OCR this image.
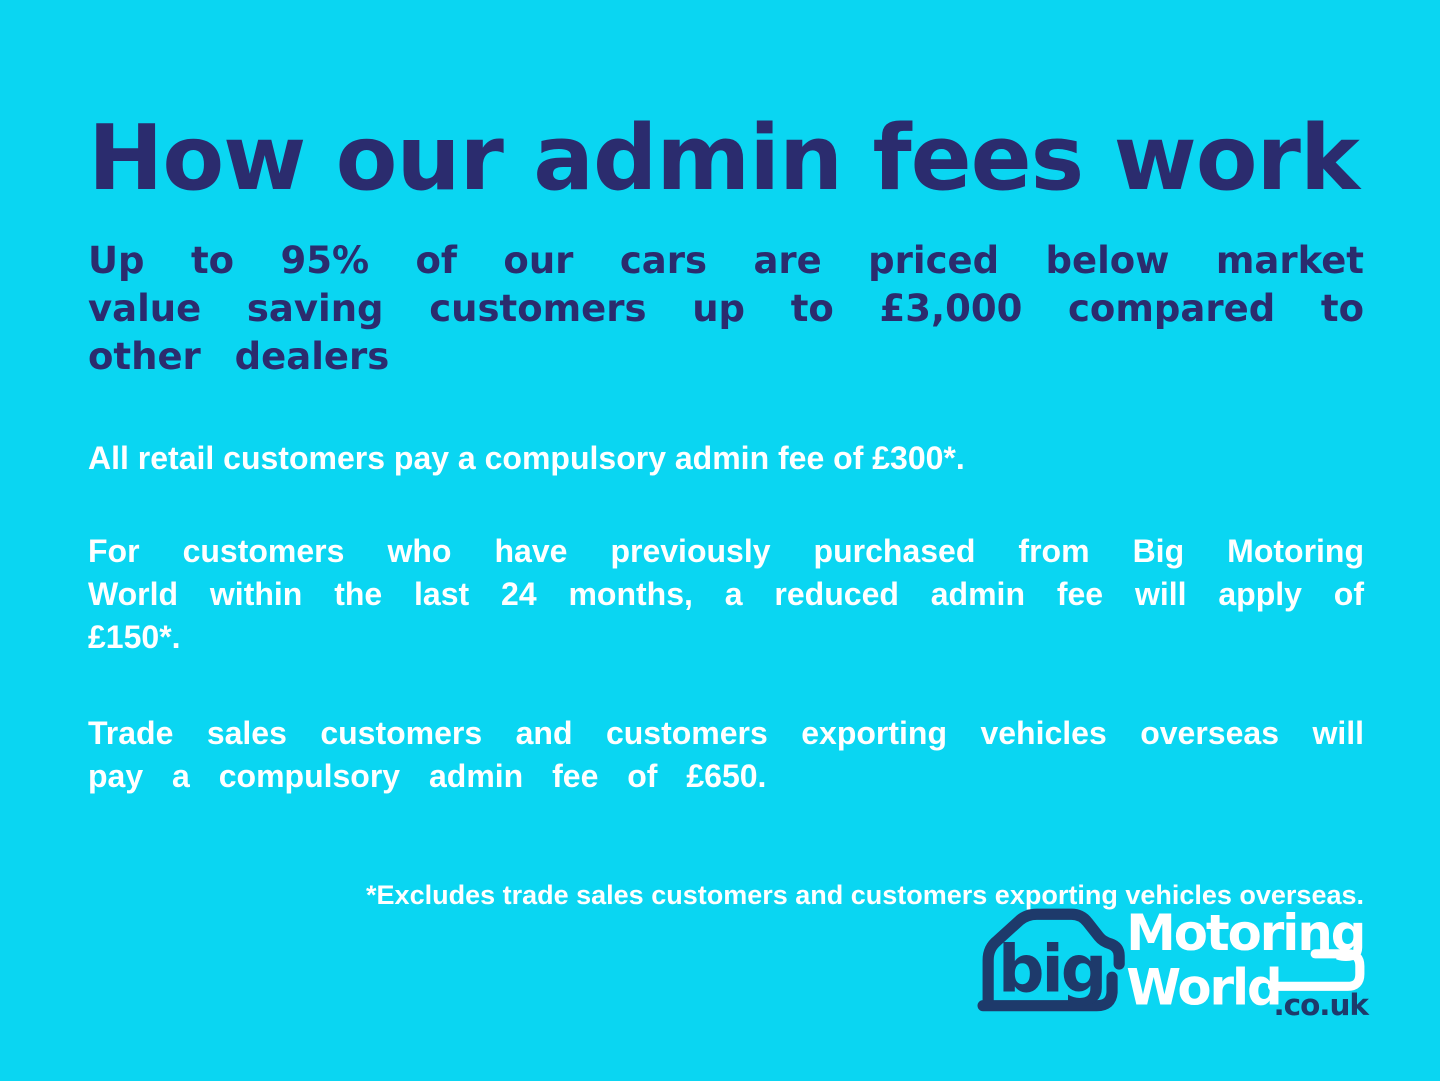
How our admin fees work

Up to 95% of our cars are priced below market value saving customers up to £3,000 compared to other dealers

All retail customers pay a compulsory admin fee of £300*.

For customers who have previously purchased from Big Motoring World within the last 24 months, a reduced admin fee will apply of £150*.

Trade sales customers and customers exporting vehicles overseas will pay a compulsory admin fee of £650.

*Excludes trade sales customers and customers exporting vehicles overseas.

big Motoring
World
.co.uk
